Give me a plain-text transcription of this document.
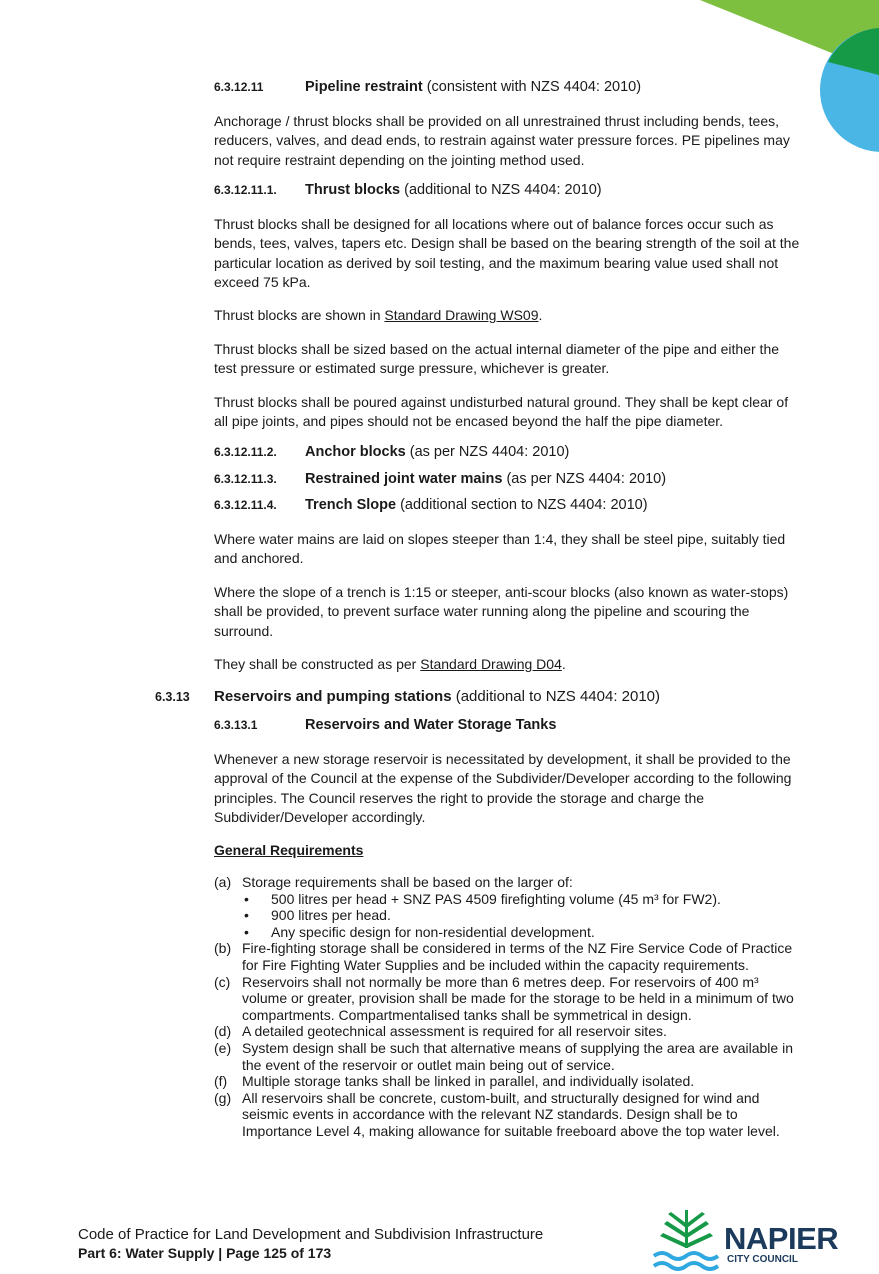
6.3.12.11	Pipeline restraint (consistent with NZS 4404: 2010)

Anchorage / thrust blocks shall be provided on all unrestrained thrust including bends, tees, reducers, valves, and dead ends, to restrain against water pressure forces. PE pipelines may not require restraint depending on the jointing method used.

6.3.12.11.1. Thrust blocks (additional to NZS 4404: 2010)

Thrust blocks shall be designed for all locations where out of balance forces occur such as bends, tees, valves, tapers etc. Design shall be based on the bearing strength of the soil at the particular location as derived by soil testing, and the maximum bearing value used shall not exceed 75 kPa.

Thrust blocks are shown in Standard Drawing WS09.

Thrust blocks shall be sized based on the actual internal diameter of the pipe and either the test pressure or estimated surge pressure, whichever is greater.

Thrust blocks shall be poured against undisturbed natural ground. They shall be kept clear of all pipe joints, and pipes should not be encased beyond the half the pipe diameter.

6.3.12.11.2. Anchor blocks (as per NZS 4404: 2010)
6.3.12.11.3. Restrained joint water mains (as per NZS 4404: 2010)
6.3.12.11.4. Trench Slope (additional section to NZS 4404: 2010)

Where water mains are laid on slopes steeper than 1:4, they shall be steel pipe, suitably tied and anchored.

Where the slope of a trench is 1:15 or steeper, anti-scour blocks (also known as water-stops) shall be provided, to prevent surface water running along the pipeline and scouring the surround.

They shall be constructed as per Standard Drawing D04.

6.3.13 Reservoirs and pumping stations (additional to NZS 4404: 2010)
6.3.13.1	Reservoirs and Water Storage Tanks

Whenever a new storage reservoir is necessitated by development, it shall be provided to the approval of the Council at the expense of the Subdivider/Developer according to the following principles. The Council reserves the right to provide the storage and charge the Subdivider/Developer accordingly.

General Requirements
(a) Storage requirements shall be based on the larger of:
• 500 litres per head + SNZ PAS 4509 firefighting volume (45 m³ for FW2).
• 900 litres per head.
• Any specific design for non-residential development.
(b) Fire-fighting storage shall be considered in terms of the NZ Fire Service Code of Practice for Fire Fighting Water Supplies and be included within the capacity requirements.
(c) Reservoirs shall not normally be more than 6 metres deep. For reservoirs of 400 m³ volume or greater, provision shall be made for the storage to be held in a minimum of two compartments. Compartmentalised tanks shall be symmetrical in design.
(d) A detailed geotechnical assessment is required for all reservoir sites.
(e) System design shall be such that alternative means of supplying the area are available in the event of the reservoir or outlet main being out of service.
(f) Multiple storage tanks shall be linked in parallel, and individually isolated.
(g) All reservoirs shall be concrete, custom-built, and structurally designed for wind and seismic events in accordance with the relevant NZ standards. Design shall be to Importance Level 4, making allowance for suitable freeboard above the top water level.
Code of Practice for Land Development and Subdivision Infrastructure
Part 6: Water Supply | Page 125 of 173	NAPIER
CITY COUNCIL
